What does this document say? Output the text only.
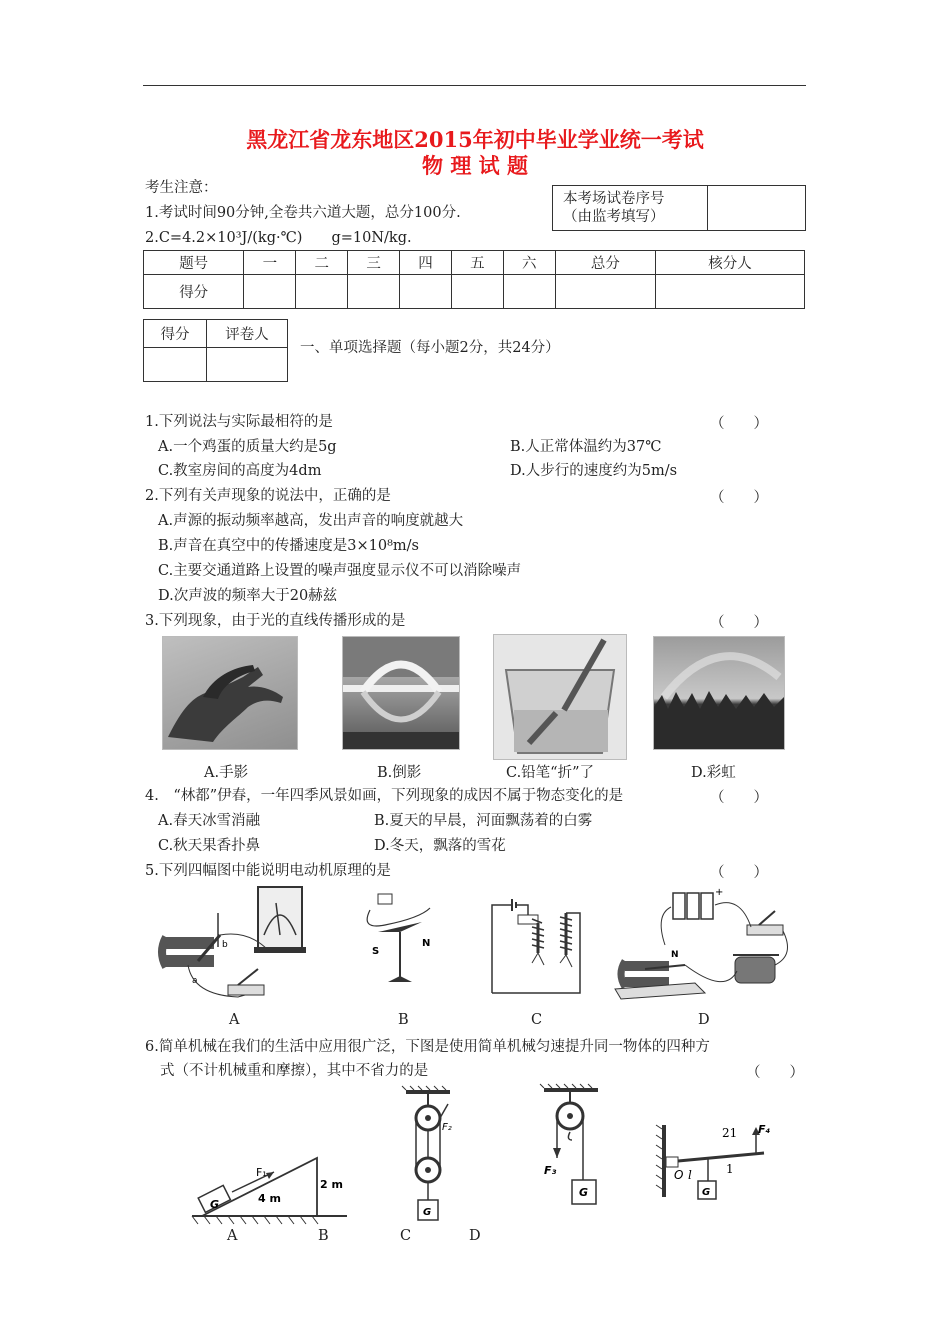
黑龙江省龙东地区2015年初中毕业学业统一考试
物 理 试 题
考生注意：
1.考试时间90分钟,全卷共六道大题，总分100分.
2.C=4.2×10³J/(kg·℃)　　g=10N/kg.
本考场试卷序号
（由监考填写）

题号	一	二	三	四	五	六	总分	核分人
得分								
得分	评卷人

一、单项选择题（每小题2分，共24分）
1.下列说法与实际最相符的是	（　　）
A.一个鸡蛋的质量大约是5g	B.人正常体温约为37℃
C.教室房间的高度为4dm	D.人步行的速度约为5m/s
2.下列有关声现象的说法中，正确的是	（　　）
A.声源的振动频率越高，发出声音的响度就越大
B.声音在真空中的传播速度是3×10⁸m/s
C.主要交通道路上设置的噪声强度显示仪不可以消除噪声
D.次声波的频率大于20赫兹
3.下列现象，由于光的直线传播形成的是	（　　）
A.手影	B.倒影	C.铅笔“折”了	D.彩虹
4.　“林都”伊春，一年四季风景如画，下列现象的成因不属于物态变化的是	（　　）
A.春天冰雪消融	B.夏天的早晨，河面飘荡着的白雾
C.秋天果香扑鼻	D.冬天，飘落的雪花
5.下列四幅图中能说明电动机原理的是	（　　）
b
a
S
N
+
N
A	B	C	D
6.简单机械在我们的生活中应用很广泛，下图是使用简单机械匀速提升同一物体的四种方
式（不计机械重和摩擦），其中不省力的是	（　　）
G
F₁
4 m
2 m
F₂
G
F₃
G
F₄
21
1
O l
G
A	B	C	D
